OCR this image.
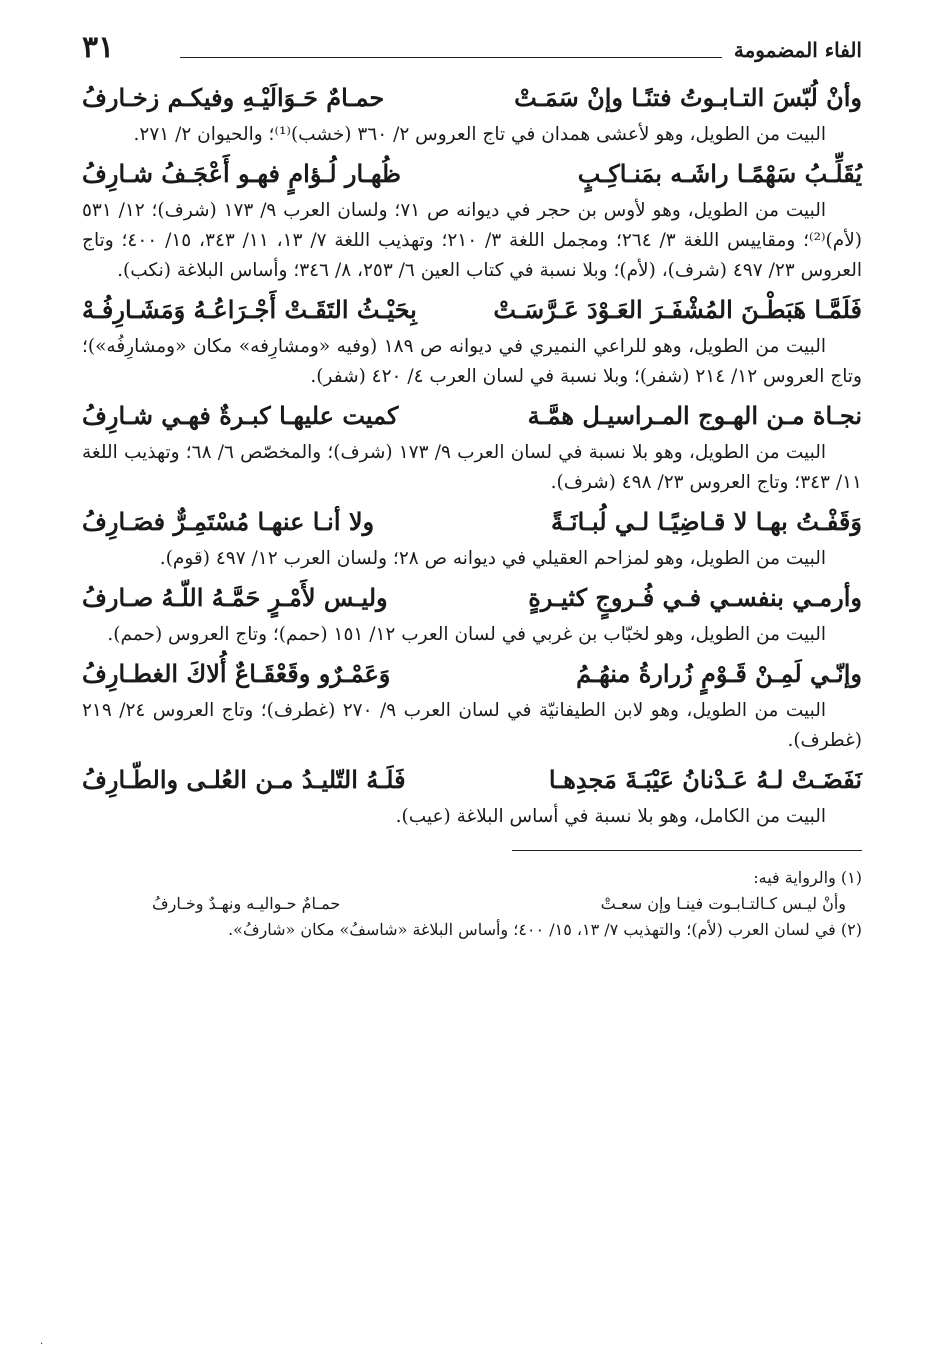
الفاء المضمومة
٣١
وأنْ لُبّسَ التـابـوتُ فتنًـا وإنْ سَمَـتْ
حمـامٌ حَـوَالَيْـهِ وفيكـم زخـارفُ

البيت من الطويل، وهو لأعشى همدان في تاج العروس ٢/ ٣٦٠ (خشب)⁽¹⁾؛ والحيوان ٢/ ٢٧١.

يُقَلِّـبُ سَهْمًـا راشَـه بمَنـاكِـبٍ
ظُهـار لُـؤامٍ فهـو أَعْجَـفُ شـارِفُ

البيت من الطويل، وهو لأوس بن حجر في ديوانه ص ٧١؛ ولسان العرب ٩/ ١٧٣ (شرف)؛ ١٢/ ٥٣١ (لأم)⁽²⁾؛ ومقاييس اللغة ٣/ ٢٦٤؛ ومجمل اللغة ٣/ ٢١٠؛ وتهذيب اللغة ٧/ ١٣، ١١/ ٣٤٣، ١٥/ ٤٠٠؛ وتاج العروس ٢٣/ ٤٩٧ (شرف)، (لأم)؛ وبلا نسبة في كتاب العين ٦/ ٢٥٣، ٨/ ٣٤٦؛ وأساس البلاغة (نكب).

فَلَمَّـا هَبَطْـنَ المُشْفَـرَ العَـوْدَ عَـرَّسَـتْ
بِحَيْـثُ التَقَـتْ أَجْـرَاعُـهُ وَمَشَـارِفُـهْ

البيت من الطويل، وهو للراعي النميري في ديوانه ص ١٨٩ (وفيه «ومشارِفه» مكان «ومشارِفُه»)؛ وتاج العروس ١٢/ ٢١٤ (شفر)؛ وبلا نسبة في لسان العرب ٤/ ٤٢٠ (شفر).

نجـاة مـن الهـوج المـراسيـل همَّـة
كميت عليهـا كبـرةٌ فهـي شـارِفُ

البيت من الطويل، وهو بلا نسبة في لسان العرب ٩/ ١٧٣ (شرف)؛ والمخصّص ٦/ ٦٨؛ وتهذيب اللغة ١١/ ٣٤٣؛ وتاج العروس ٢٣/ ٤٩٨ (شرف).

وَقَفْـتُ بهـا لا قـاضِيًـا لـي لُبـانَـةً
ولا أنـا عنهـا مُسْتَمِـرٌّ فصَـارِفُ

البيت من الطويل، وهو لمزاحم العقيلي في ديوانه ص ٢٨؛ ولسان العرب ١٢/ ٤٩٧ (قوم).

وأرمـي بنفسـي فـي فُـروجٍ كثيـرةٍ
وليـس لأَمْـرٍ حَمَّـهُ اللّـهُ صـارفُ

البيت من الطويل، وهو لخبّاب بن غربي في لسان العرب ١٢/ ١٥١ (حمم)؛ وتاج العروس (حمم).

وإنّـي لَمِـنْ قَـوْمٍ زُرارةُ منهُـمُ
وَعَمْـرٌو وقَعْقَـاعٌ أُلاكَ الغطـارِفُ

البيت من الطويل، وهو لابن الطيفانيّة في لسان العرب ٩/ ٢٧٠ (غطرف)؛ وتاج العروس ٢٤/ ٢١٩ (غطرف).

نَفَضَـتْ لـهُ عَـدْنانُ عَيْبَـةَ مَجدِهـا
فَلَـهُ التّليـدُ مـن العُلـى والطّـارِفُ

البيت من الكامل، وهو بلا نسبة في أساس البلاغة (عيب).

(١) والرواية فيه:
وأنْ ليـس كـالتـابـوت فينـا وإن سعـتْ
حمـامٌ حـواليـه ونهـدٌ وخـارفُ
(٢) في لسان العرب (لأم)؛ والتهذيب ٧/ ١٣، ١٥/ ٤٠٠؛ وأساس البلاغة «شاسفُ» مكان «شارفُ».
.
